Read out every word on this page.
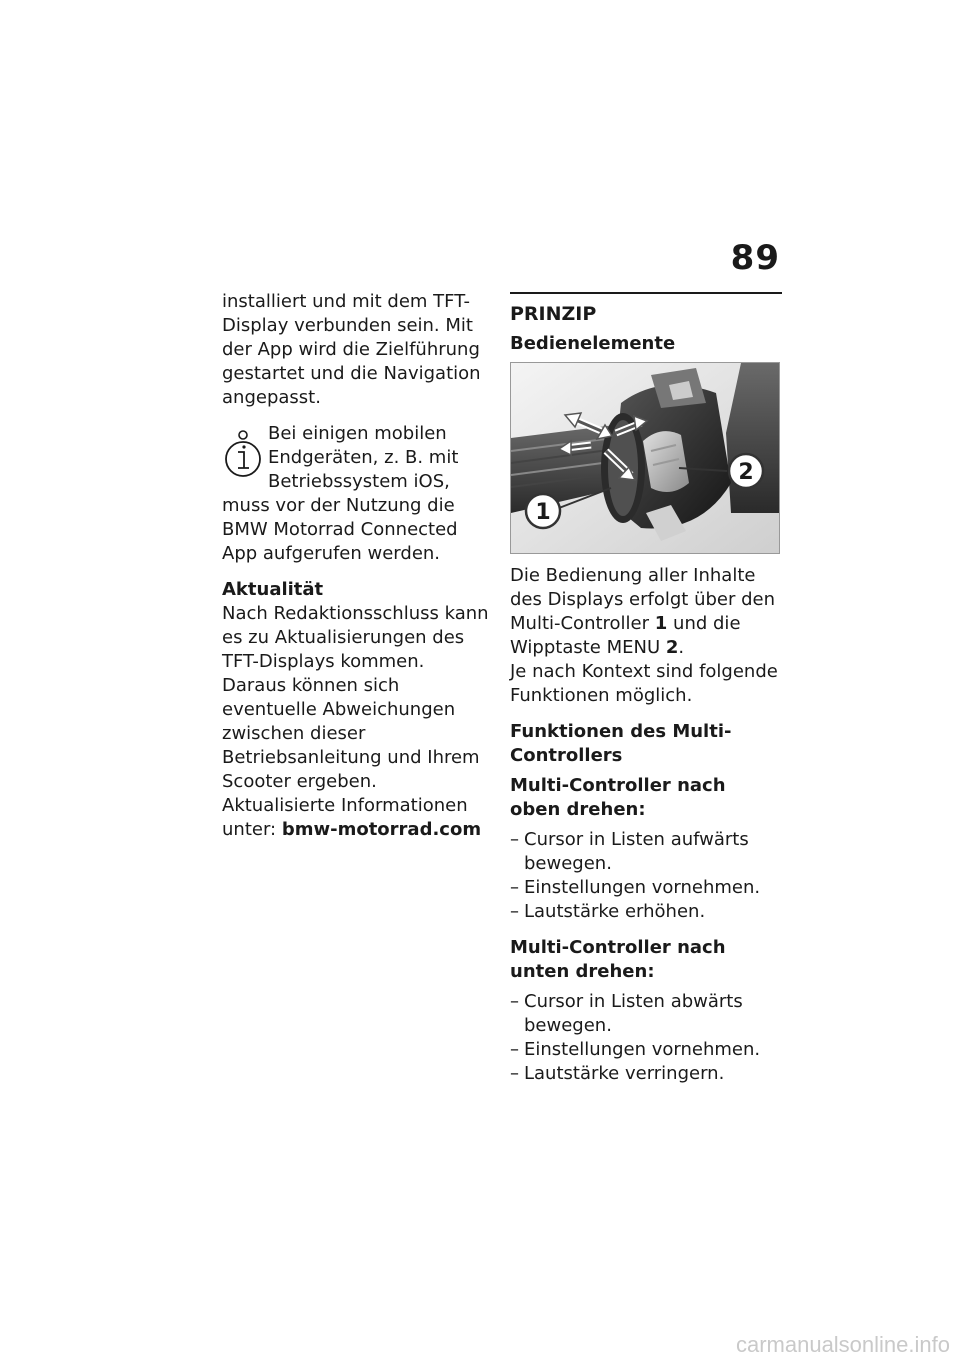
89

installiert und mit dem TFT-Display verbunden sein. Mit der App wird die Zielführung gestartet und die Navigation angepasst.

Bei einigen mobilen Endgeräten, z. B. mit Betriebssystem iOS, muss vor der Nutzung die BMW Motorrad Connected App aufgerufen werden.

Aktualität
Nach Redaktionsschluss kann es zu Aktualisierungen des TFT-Displays kommen. Daraus können sich eventuelle Abweichungen zwischen dieser Betriebsanleitung und Ihrem Scooter ergeben. Aktualisierte Informationen unter: bmw-motorrad.com

PRINZIP
Bedienelemente
1
2

Die Bedienung aller Inhalte des Displays erfolgt über den Multi-Controller 1 und die Wipptaste MENU 2.
Je nach Kontext sind folgende Funktionen möglich.

Funktionen des Multi-Controllers
Multi-Controller nach oben drehen:
– Cursor in Listen aufwärts bewegen.
– Einstellungen vornehmen.
– Lautstärke erhöhen.
Multi-Controller nach unten drehen:
– Cursor in Listen abwärts bewegen.
– Einstellungen vornehmen.
– Lautstärke verringern.
carmanualsonline.info
